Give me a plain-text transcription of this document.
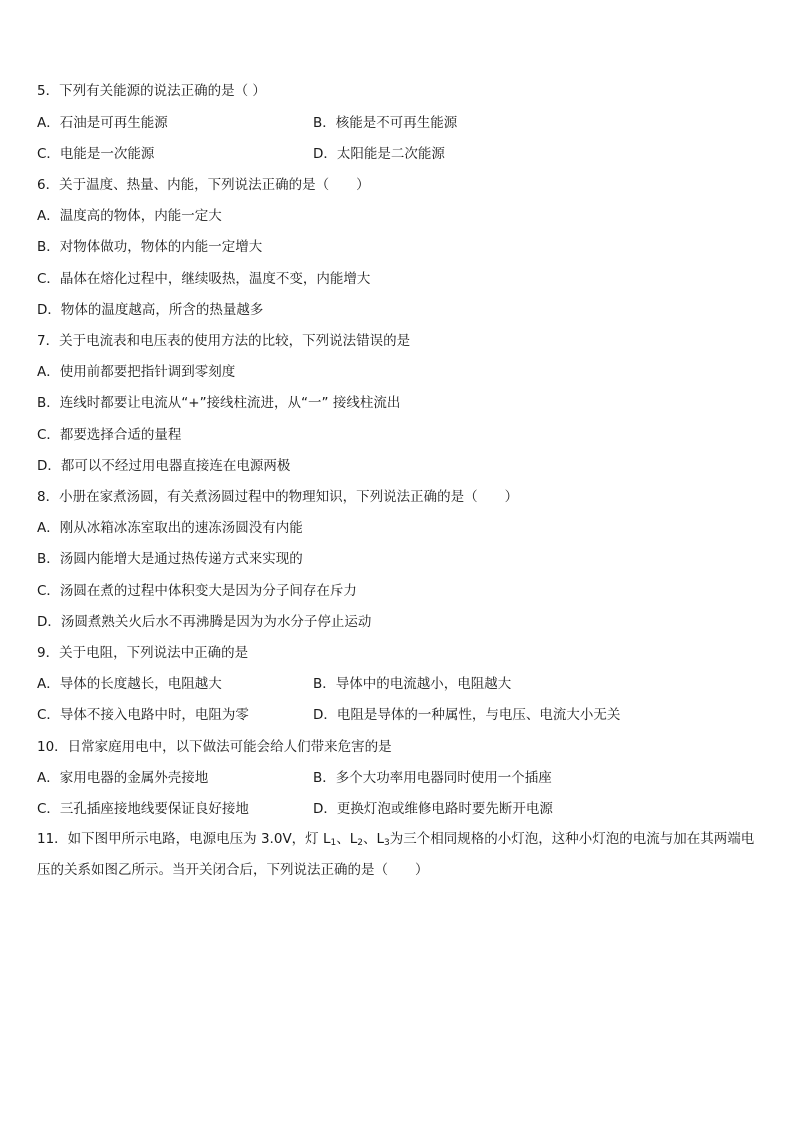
5．下列有关能源的说法正确的是（ ）
A．石油是可再生能源	B．核能是不可再生能源
C．电能是一次能源	D．太阳能是二次能源
6．关于温度、热量、内能，下列说法正确的是（　　）
A．温度高的物体，内能一定大
B．对物体做功，物体的内能一定增大
C．晶体在熔化过程中，继续吸热，温度不变，内能增大
D．物体的温度越高，所含的热量越多
7．关于电流表和电压表的使用方法的比较，下列说法错误的是
A．使用前都要把指针调到零刻度
B．连线时都要让电流从“+”接线柱流进，从“一” 接线柱流出
C．都要选择合适的量程
D．都可以不经过用电器直接连在电源两极
8．小册在家煮汤圆，有关煮汤圆过程中的物理知识，下列说法正确的是（　　）
A．刚从冰箱冰冻室取出的速冻汤圆没有内能
B．汤圆内能增大是通过热传递方式来实现的
C．汤圆在煮的过程中体积变大是因为分子间存在斥力
D．汤圆煮熟关火后水不再沸腾是因为为水分子停止运动
9．关于电阻，下列说法中正确的是
A．导体的长度越长，电阻越大	B．导体中的电流越小，电阻越大
C．导体不接入电路中时，电阻为零	D．电阻是导体的一种属性，与电压、电流大小无关
10．日常家庭用电中，以下做法可能会给人们带来危害的是
A．家用电器的金属外壳接地	B．多个大功率用电器同时使用一个插座
C．三孔插座接地线要保证良好接地	D．更换灯泡或维修电路时要先断开电源
11．如下图甲所示电路，电源电压为 3.0V，灯 $L_1$、$L_2$、$L_3$为三个相同规格的小灯泡，这种小灯泡的电流与加在其两端电压的关系如图乙所示。当开关闭合后，下列说法正确的是（　　）
